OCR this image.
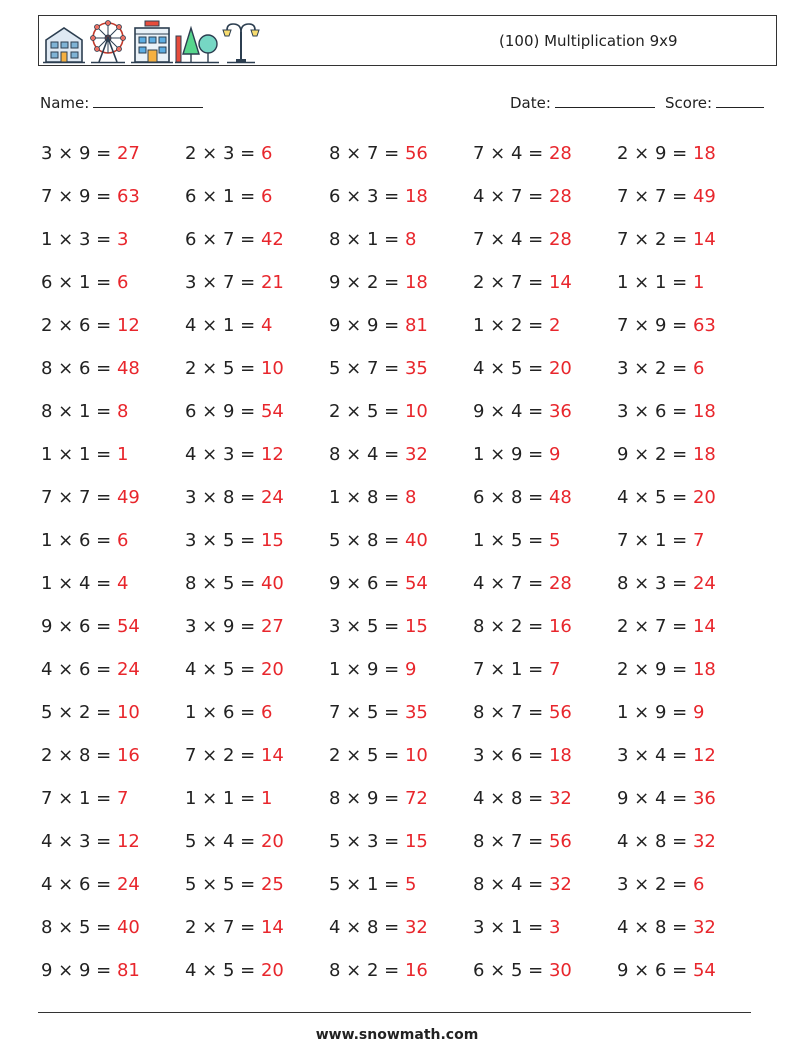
(100) Multiplication 9x9
Name:	Date:	Score:
3 × 9 = 27	2 × 3 = 6	8 × 7 = 56	7 × 4 = 28	2 × 9 = 18
7 × 9 = 63	6 × 1 = 6	6 × 3 = 18	4 × 7 = 28	7 × 7 = 49
1 × 3 = 3	6 × 7 = 42	8 × 1 = 8	7 × 4 = 28	7 × 2 = 14
6 × 1 = 6	3 × 7 = 21	9 × 2 = 18	2 × 7 = 14	1 × 1 = 1
2 × 6 = 12	4 × 1 = 4	9 × 9 = 81	1 × 2 = 2	7 × 9 = 63
8 × 6 = 48	2 × 5 = 10	5 × 7 = 35	4 × 5 = 20	3 × 2 = 6
8 × 1 = 8	6 × 9 = 54	2 × 5 = 10	9 × 4 = 36	3 × 6 = 18
1 × 1 = 1	4 × 3 = 12	8 × 4 = 32	1 × 9 = 9	9 × 2 = 18
7 × 7 = 49	3 × 8 = 24	1 × 8 = 8	6 × 8 = 48	4 × 5 = 20
1 × 6 = 6	3 × 5 = 15	5 × 8 = 40	1 × 5 = 5	7 × 1 = 7
1 × 4 = 4	8 × 5 = 40	9 × 6 = 54	4 × 7 = 28	8 × 3 = 24
9 × 6 = 54	3 × 9 = 27	3 × 5 = 15	8 × 2 = 16	2 × 7 = 14
4 × 6 = 24	4 × 5 = 20	1 × 9 = 9	7 × 1 = 7	2 × 9 = 18
5 × 2 = 10	1 × 6 = 6	7 × 5 = 35	8 × 7 = 56	1 × 9 = 9
2 × 8 = 16	7 × 2 = 14	2 × 5 = 10	3 × 6 = 18	3 × 4 = 12
7 × 1 = 7	1 × 1 = 1	8 × 9 = 72	4 × 8 = 32	9 × 4 = 36
4 × 3 = 12	5 × 4 = 20	5 × 3 = 15	8 × 7 = 56	4 × 8 = 32
4 × 6 = 24	5 × 5 = 25	5 × 1 = 5	8 × 4 = 32	3 × 2 = 6
8 × 5 = 40	2 × 7 = 14	4 × 8 = 32	3 × 1 = 3	4 × 8 = 32
9 × 9 = 81	4 × 5 = 20	8 × 2 = 16	6 × 5 = 30	9 × 6 = 54
www.snowmath.com
